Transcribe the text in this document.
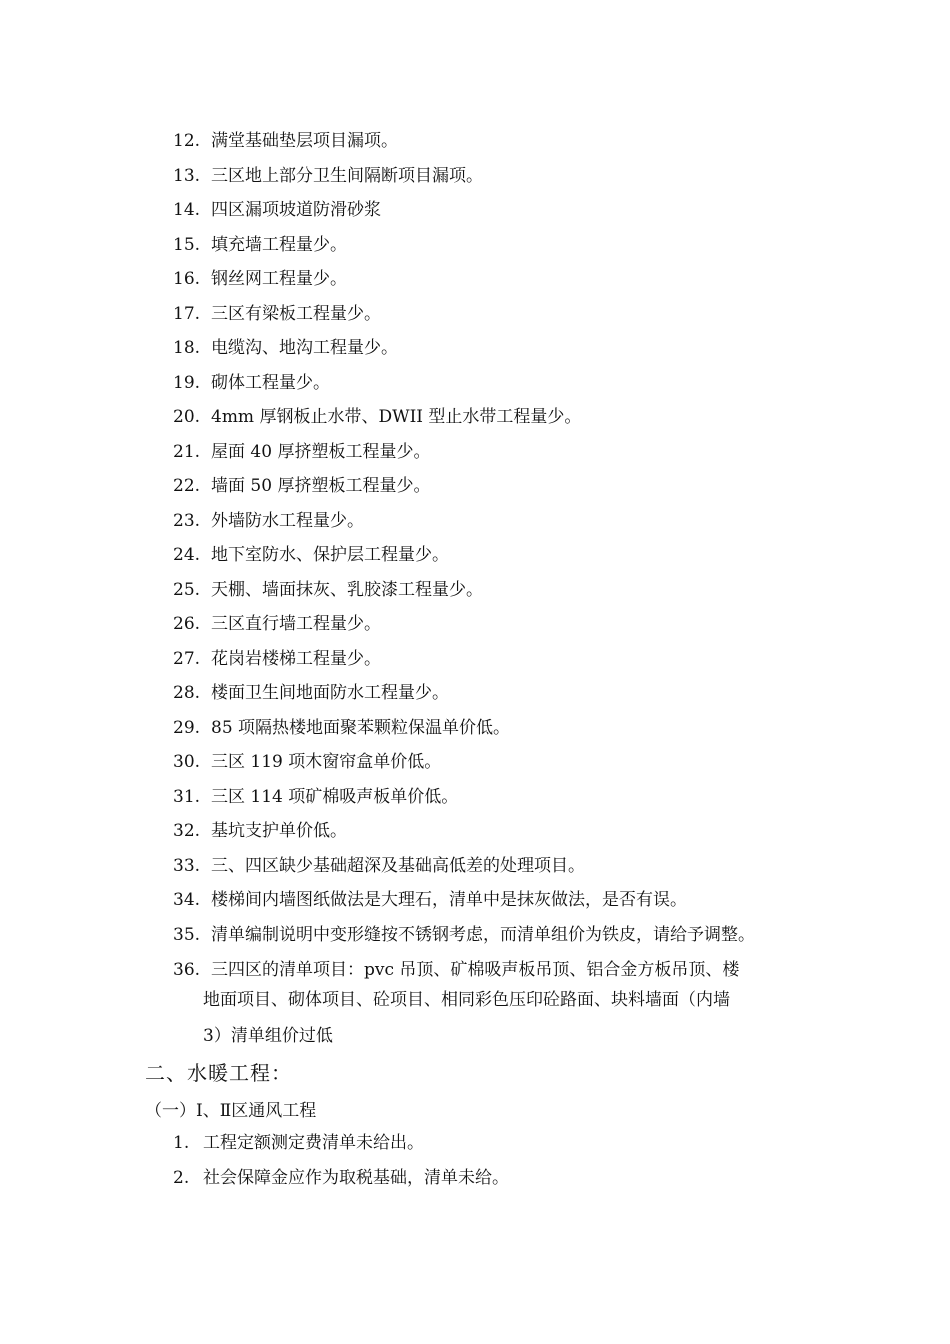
12. 满堂基础垫层项目漏项。
13. 三区地上部分卫生间隔断项目漏项。
14. 四区漏项坡道防滑砂浆
15. 填充墙工程量少。
16. 钢丝网工程量少。
17. 三区有梁板工程量少。
18. 电缆沟、地沟工程量少。
19. 砌体工程量少。
20. 4mm 厚钢板止水带、DWII 型止水带工程量少。
21. 屋面 40 厚挤塑板工程量少。
22. 墙面 50 厚挤塑板工程量少。
23. 外墙防水工程量少。
24. 地下室防水、保护层工程量少。
25. 天棚、墙面抹灰、乳胶漆工程量少。
26. 三区直行墙工程量少。
27. 花岗岩楼梯工程量少。
28. 楼面卫生间地面防水工程量少。
29. 85 项隔热楼地面聚苯颗粒保温单价低。
30. 三区 119 项木窗帘盒单价低。
31. 三区 114 项矿棉吸声板单价低。
32. 基坑支护单价低。
33. 三、四区缺少基础超深及基础高低差的处理项目。
34. 楼梯间内墙图纸做法是大理石，清单中是抹灰做法，是否有误。
35. 清单编制说明中变形缝按不锈钢考虑，而清单组价为铁皮，请给予调整。
36. 三四区的清单项目：pvc 吊顶、矿棉吸声板吊顶、铝合金方板吊顶、楼
地面项目、砌体项目、砼项目、相同彩色压印砼路面、块料墙面（内墙
3）清单组价过低
二、水暖工程：
（一）Ⅰ、Ⅱ区通风工程
1. 工程定额测定费清单未给出。
2. 社会保障金应作为取税基础，清单未给。
